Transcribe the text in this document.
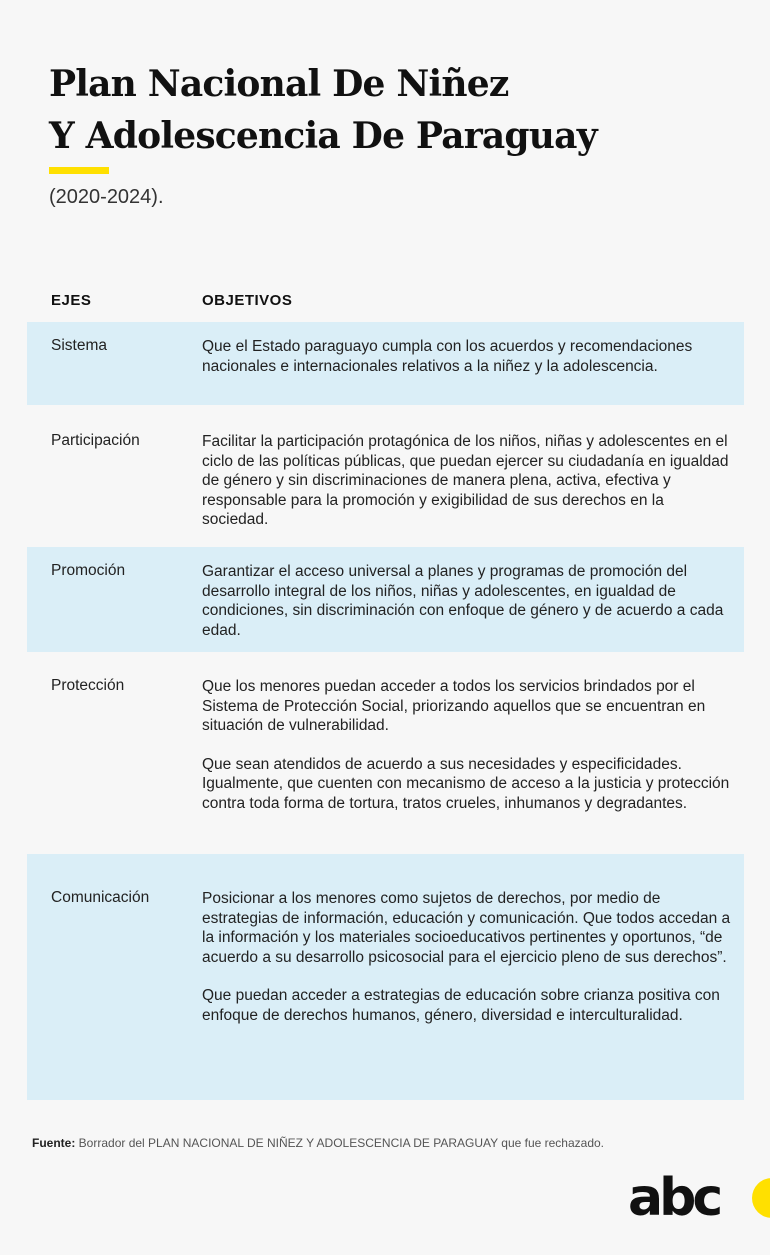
Plan Nacional De Niñez
Y Adolescencia De Paraguay
(2020-2024).
EJES	OBJETIVOS
Sistema	Que el Estado paraguayo cumpla con los acuerdos y recomendaciones nacionales e internacionales relativos a la niñez y la adolescencia.

Participación	Facilitar la participación protagónica de los niños, niñas y adolescentes en el ciclo de las políticas públicas, que puedan ejercer su ciudadanía en igualdad de género y sin discriminaciones de manera plena, activa, efectiva y responsable para la promoción y exigibilidad de sus derechos en la sociedad.

Promoción	Garantizar el acceso universal a planes y programas de promoción del desarrollo integral de los niños, niñas y adolescentes, en igualdad de condiciones, sin discriminación con enfoque de género y de acuerdo a cada edad.

Protección	Que los menores puedan acceder a todos los servicios brindados por el Sistema de Protección Social, priorizando aquellos que se encuentran en situación de vulnerabilidad.

Que sean atendidos de acuerdo a sus necesidades y especificidades. Igualmente, que cuenten con mecanismo de acceso a la justicia y protección contra toda forma de tortura, tratos crueles, inhumanos y degradantes.

Comunicación	Posicionar a los menores como sujetos de derechos, por medio de estrategias de información, educación y comunicación. Que todos accedan a la información y los materiales socioeducativos pertinentes y oportunos, “de acuerdo a su desarrollo psicosocial para el ejercicio pleno de sus derechos”.

Que puedan acceder a estrategias de educación sobre crianza positiva con enfoque de derechos humanos, género, diversidad e interculturalidad.

Fuente: Borrador del PLAN NACIONAL DE NIÑEZ Y ADOLESCENCIA DE PARAGUAY que fue rechazado.
abc
